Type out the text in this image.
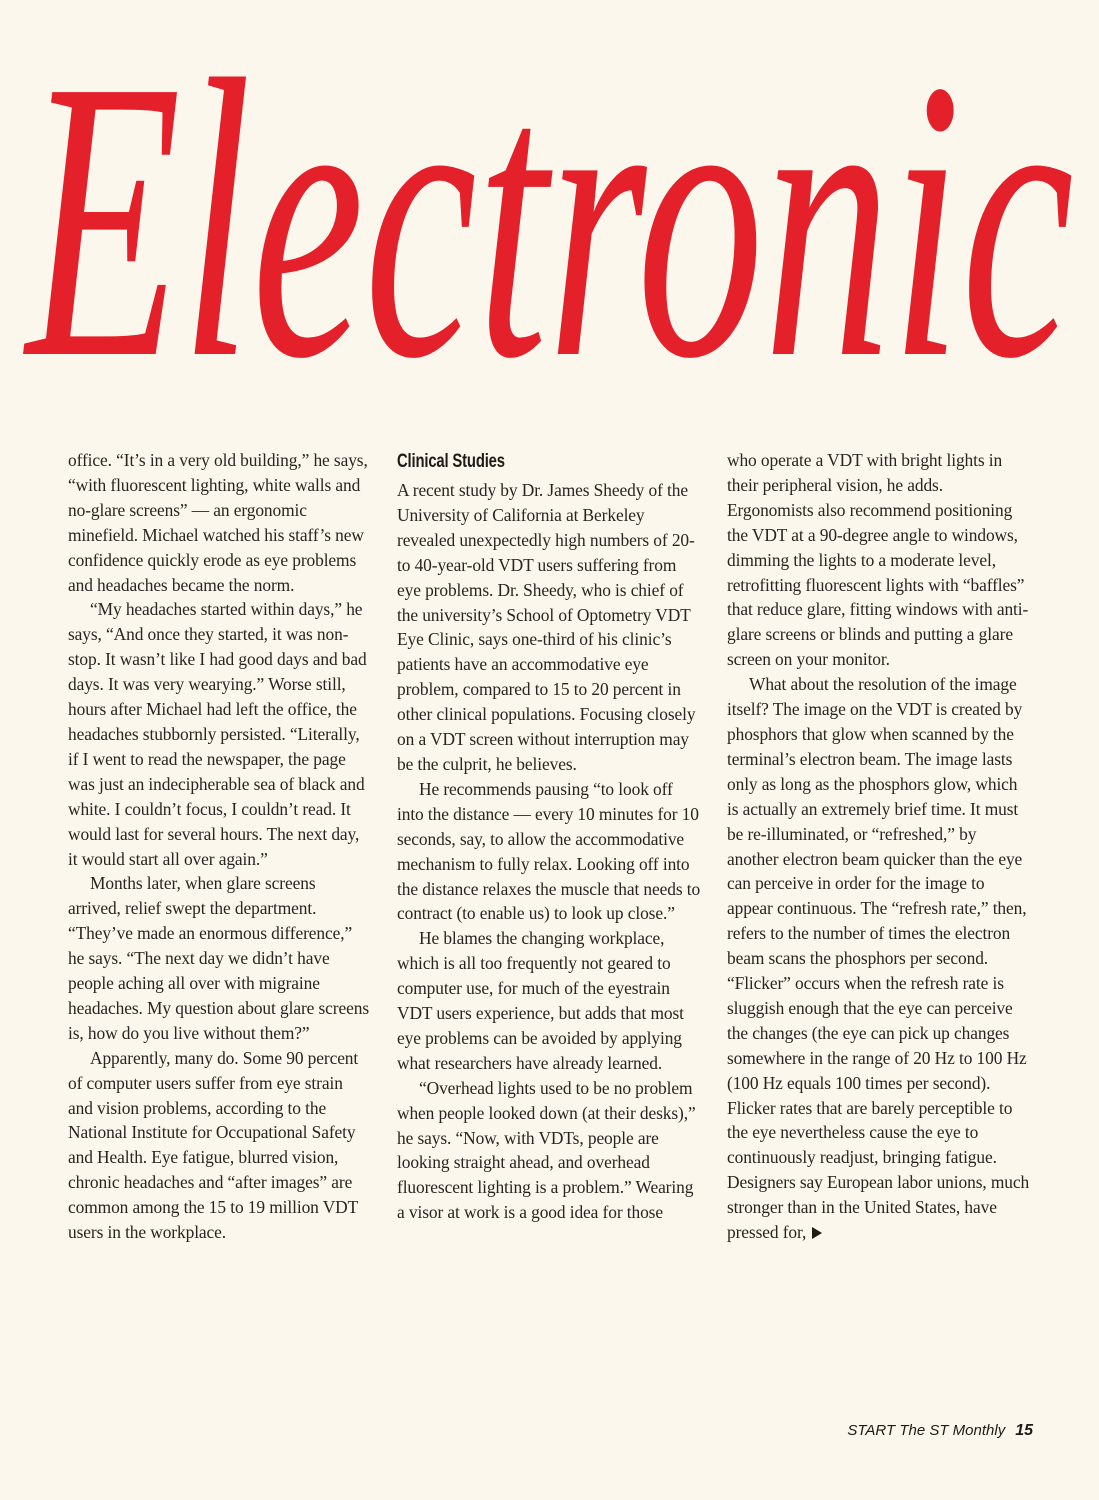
Electronic

office. “It’s in a very old building,” he says, “with fluorescent lighting, white walls and no-glare screens” — an ergonomic minefield. Michael watched his staff’s new confidence quickly erode as eye problems and headaches became the norm.

“My headaches started within days,” he says, “And once they started, it was non-stop. It wasn’t like I had good days and bad days. It was very wearying.” Worse still, hours after Michael had left the office, the headaches stubbornly persisted. “Literally, if I went to read the newspaper, the page was just an indecipherable sea of black and white. I couldn’t focus, I couldn’t read. It would last for several hours. The next day, it would start all over again.”

Months later, when glare screens arrived, relief swept the department. “They’ve made an enormous difference,” he says. “The next day we didn’t have people aching all over with migraine headaches. My question about glare screens is, how do you live without them?”

Apparently, many do. Some 90 percent of computer users suffer from eye strain and vision problems, according to the National Institute for Occupational Safety and Health. Eye fatigue, blurred vision, chronic headaches and “after images” are common among the 15 to 19 million VDT users in the workplace.

Clinical Studies

A recent study by Dr. James Sheedy of the University of California at Berkeley revealed unexpectedly high numbers of 20- to 40-year-old VDT users suffering from eye problems. Dr. Sheedy, who is chief of the university’s School of Optometry VDT Eye Clinic, says one-third of his clinic’s patients have an accommodative eye problem, compared to 15 to 20 percent in other clinical populations. Focusing closely on a VDT screen without interruption may be the culprit, he believes.

He recommends pausing “to look off into the distance — every 10 minutes for 10 seconds, say, to allow the accommodative mechanism to fully relax. Looking off into the distance relaxes the muscle that needs to contract (to enable us) to look up close.”

He blames the changing workplace, which is all too frequently not geared to computer use, for much of the eyestrain VDT users experience, but adds that most eye problems can be avoided by applying what researchers have already learned.

“Overhead lights used to be no problem when people looked down (at their desks),” he says. “Now, with VDTs, people are looking straight ahead, and overhead fluorescent lighting is a problem.” Wearing a visor at work is a good idea for those

who operate a VDT with bright lights in their peripheral vision, he adds. Ergonomists also recommend positioning the VDT at a 90-degree angle to windows, dimming the lights to a moderate level, retrofitting fluorescent lights with “baffles” that reduce glare, fitting windows with anti-glare screens or blinds and putting a glare screen on your monitor.

What about the resolution of the image itself? The image on the VDT is created by phosphors that glow when scanned by the terminal’s electron beam. The image lasts only as long as the phosphors glow, which is actually an extremely brief time. It must be re-illuminated, or “refreshed,” by another electron beam quicker than the eye can perceive in order for the image to appear continuous. The “refresh rate,” then, refers to the number of times the electron beam scans the phosphors per second. “Flicker” occurs when the refresh rate is sluggish enough that the eye can perceive the changes (the eye can pick up changes somewhere in the range of 20 Hz to 100 Hz (100 Hz equals 100 times per second). Flicker rates that are barely perceptible to the eye nevertheless cause the eye to continuously readjust, bringing fatigue. Designers say European labor unions, much stronger than in the United States, have pressed for,

START The ST Monthly 15
